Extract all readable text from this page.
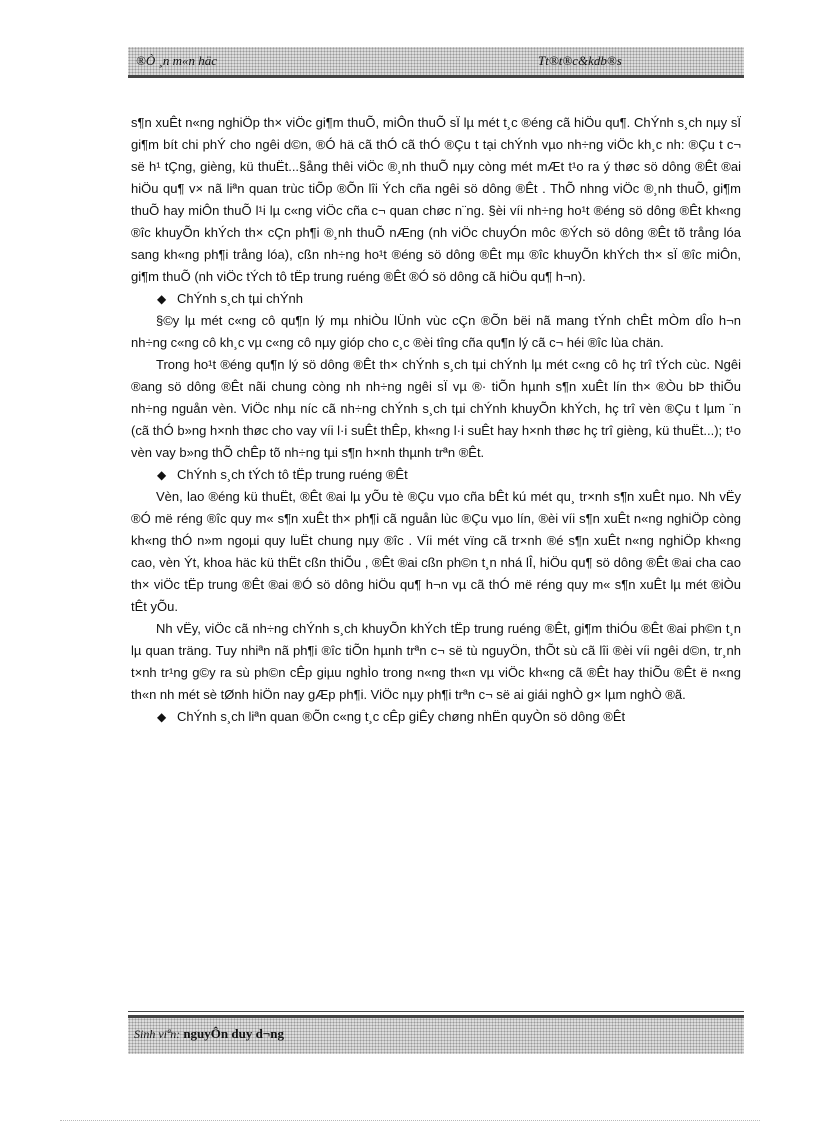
®Ò ¸n m«n häc	Tt®t®c&kdb®s

s¶n xuÊt n«ng nghiÖp th× viÖc gi¶m thuÕ, miÔn thuÕ sÏ lµ mét t¸c ®éng cã hiÖu qu¶. ChÝnh s¸ch nµy sÏ gi¶m bít chi phÝ cho ngêi d©n, ®Ó hä cã thÓ cã thÓ ®Çu t tại chÝnh vµo nh÷ng viÖc kh¸c nh: ®Çu t c¬ së h¹ tÇng, gièng, kü thuËt...§ång thêi viÖc ®¸nh thuÕ nµy còng mét mÆt t¹o ra ý thøc sö dông ®Êt ®ai hiÖu qu¶ v× nã liªn quan trùc tiÕp ®Õn lîi Ých cña ngêi sö dông ®Êt . ThÕ nhng viÖc ®¸nh thuÕ, gi¶m thuÕ hay miÔn thuÕ l¹i lµ c«ng viÖc cña c¬ quan chøc n¨ng. §èi víi nh÷ng ho¹t ®éng sö dông ®Êt kh«ng ®îc khuyÕn khÝch th× cÇn ph¶i ®¸nh thuÕ nÆng (nh viÖc chuyÓn môc ®Ých sö dông ®Êt tõ trång lóa sang kh«ng ph¶i trång lóa), cßn nh÷ng ho¹t ®éng sö dông ®Êt mµ ®îc khuyÕn khÝch th× sÏ ®îc miÔn, gi¶m thuÕ (nh viÖc tÝch tô tËp trung ruéng ®Êt ®Ó sö dông cã hiÖu qu¶ h¬n).

◆ ChÝnh s¸ch tµi chÝnh

§©y lµ mét c«ng cô qu¶n lý mµ nhiÒu lÜnh vùc cÇn ®Õn bëi nã mang tÝnh chÊt mÒm dÎo h¬n nh÷ng c«ng cô kh¸c vµ c«ng cô nµy gióp cho c¸c ®èi tîng cña qu¶n lý cã c¬ héi ®îc lùa chän.

Trong ho¹t ®éng qu¶n lý sö dông ®Êt th× chÝnh s¸ch tµi chÝnh lµ mét c«ng cô hç trî tÝch cùc. Ngêi ®ang sö dông ®Êt nãi chung còng nh nh÷ng ngêi sÏ vµ ®· tiÕn hµnh s¶n xuÊt lín th× ®Òu bÞ thiÕu nh÷ng nguån vèn. ViÖc nhµ níc cã nh÷ng chÝnh s¸ch tµi chÝnh khuyÕn khÝch, hç trî vèn ®Çu t lµm ¨n (cã thÓ b»ng h×nh thøc cho vay víi l·i suÊt thÊp, kh«ng l·i suÊt hay h×nh thøc hç trî gièng, kü thuËt...); t¹o vèn vay b»ng thÕ chÊp tõ nh÷ng tµi s¶n h×nh thµnh trªn ®Êt.

◆ ChÝnh s¸ch tÝch tô tËp trung ruéng ®Êt

Vèn, lao ®éng kü thuËt, ®Êt ®ai lµ yÕu tè ®Çu vµo cña bÊt kú mét qu¸ tr×nh s¶n xuÊt nµo. Nh vËy ®Ó më réng ®îc quy m« s¶n xuÊt th× ph¶i cã nguån lùc ®Çu vµo lín, ®èi víi s¶n xuÊt n«ng nghiÖp còng kh«ng thÓ n»m ngoµi quy luËt chung nµy ®îc . Víi mét vïng cã tr×nh ®é s¶n xuÊt n«ng nghiÖp kh«ng cao, vèn Ýt, khoa häc kü thËt cßn thiÕu , ®Êt ®ai cßn ph©n t¸n nhá lÎ, hiÖu qu¶ sö dông ®Êt ®ai cha cao th× viÖc tËp trung ®Êt ®ai ®Ó sö dông hiÖu qu¶ h¬n vµ cã thÓ më réng quy m« s¶n xuÊt lµ mét ®iÒu tÊt yÕu.

Nh vËy, viÖc cã nh÷ng chÝnh s¸ch khuyÕn khÝch tËp trung ruéng ®Êt, gi¶m thiÓu ®Êt ®ai ph©n t¸n lµ quan träng. Tuy nhiªn nã ph¶i ®îc tiÕn hµnh trªn c¬ së tù nguyÖn, thÕt sù cã lîi ®èi víi ngêi d©n, tr¸nh t×nh tr¹ng g©y ra sù ph©n cÊp giµu nghÌo trong n«ng th«n vµ viÖc kh«ng cã ®Êt hay thiÕu ®Êt ë n«ng th«n nh mét sè tØnh hiÖn nay gÆp ph¶i. ViÖc nµy ph¶i trªn c¬ së ai giái nghÒ g× lµm nghÒ ®ã.

◆ ChÝnh s¸ch liªn quan ®Õn c«ng t¸c cÊp giÊy chøng nhËn quyÒn sö dông ®Êt
Sinh viªn: nguyÔn duy d¬ng
